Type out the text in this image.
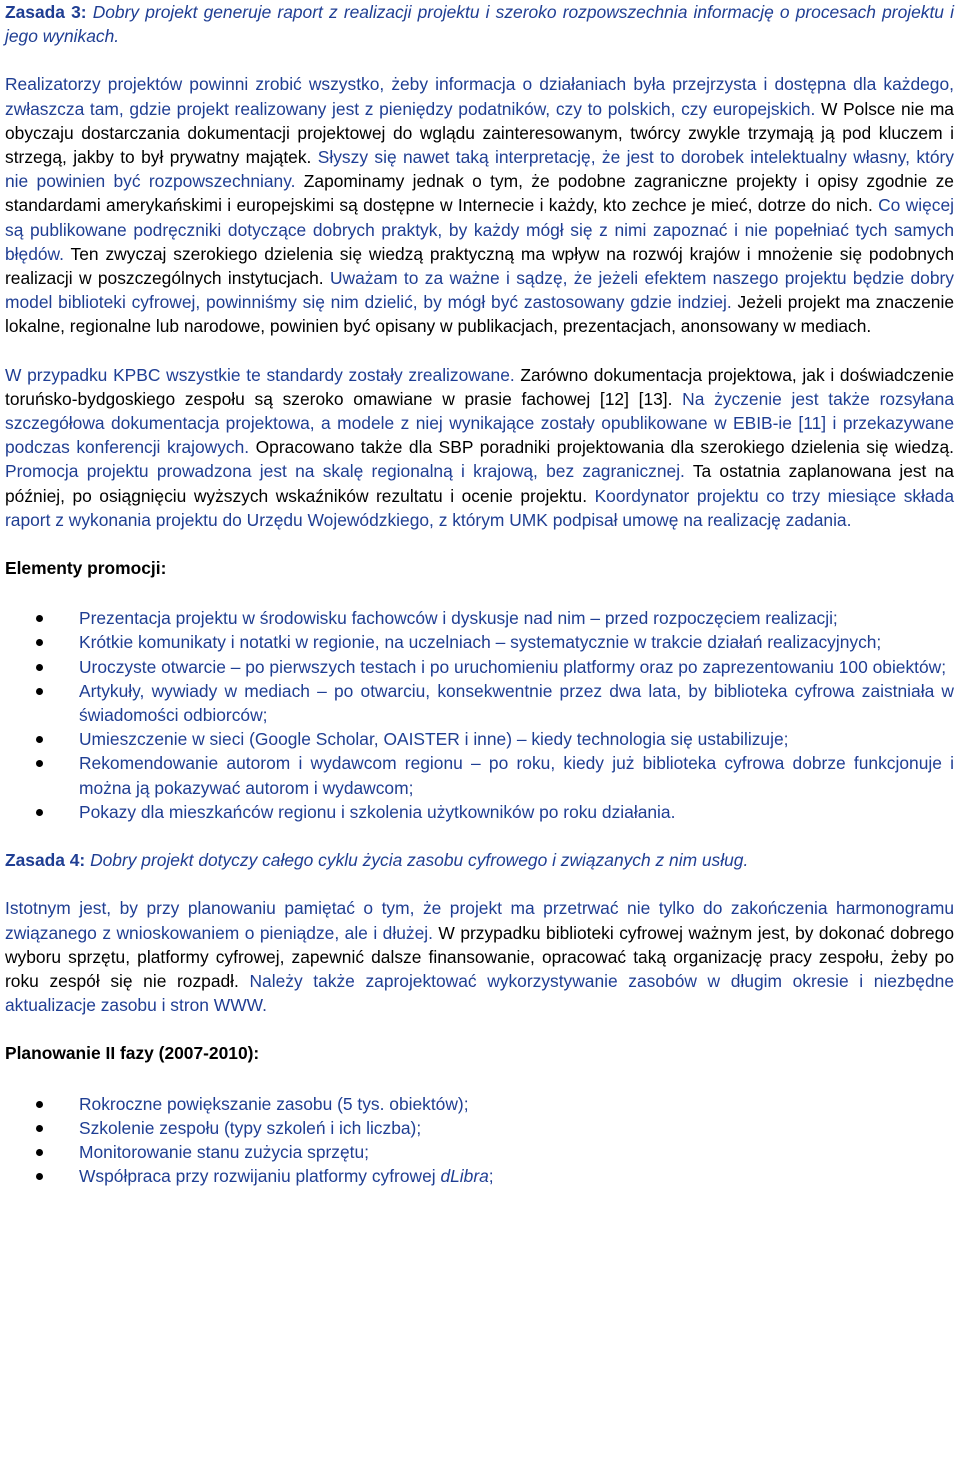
Zasada 3: Dobry projekt generuje raport z realizacji projektu i szeroko rozpowszechnia informację o procesach projektu i jego wynikach.

Realizatorzy projektów powinni zrobić wszystko, żeby informacja o działaniach była przejrzysta i dostępna dla każdego, zwłaszcza tam, gdzie projekt realizowany jest z pieniędzy podatników, czy to polskich, czy europejskich. W Polsce nie ma obyczaju dostarczania dokumentacji projektowej do wglądu zainteresowanym, twórcy zwykle trzymają ją pod kluczem i strzegą, jakby to był prywatny majątek. Słyszy się nawet taką interpretację, że jest to dorobek intelektualny własny, który nie powinien być rozpowszechniany. Zapominamy jednak o tym, że podobne zagraniczne projekty i opisy zgodnie ze standardami amerykańskimi i europejskimi są dostępne w Internecie i każdy, kto zechce je mieć, dotrze do nich. Co więcej są publikowane podręczniki dotyczące dobrych praktyk, by każdy mógł się z nimi zapoznać i nie popełniać tych samych błędów. Ten zwyczaj szerokiego dzielenia się wiedzą praktyczną ma wpływ na rozwój krajów i mnożenie się podobnych realizacji w poszczególnych instytucjach. Uważam to za ważne i sądzę, że jeżeli efektem naszego projektu będzie dobry model biblioteki cyfrowej, powinniśmy się nim dzielić, by mógł być zastosowany gdzie indziej. Jeżeli projekt ma znaczenie lokalne, regionalne lub narodowe, powinien być opisany w publikacjach, prezentacjach, anonsowany w mediach.

W przypadku KPBC wszystkie te standardy zostały zrealizowane. Zarówno dokumentacja projektowa, jak i doświadczenie toruńsko-bydgoskiego zespołu są szeroko omawiane w prasie fachowej [12] [13]. Na życzenie jest także rozsyłana szczegółowa dokumentacja projektowa, a modele z niej wynikające zostały opublikowane w EBIB-ie [11] i przekazywane podczas konferencji krajowych. Opracowano także dla SBP poradniki projektowania dla szerokiego dzielenia się wiedzą. Promocja projektu prowadzona jest na skalę regionalną i krajową, bez zagranicznej. Ta ostatnia zaplanowana jest na później, po osiągnięciu wyższych wskaźników rezultatu i ocenie projektu. Koordynator projektu co trzy miesiące składa raport z wykonania projektu do Urzędu Wojewódzkiego, z którym UMK podpisał umowę na realizację zadania.

Elementy promocji:

Prezentacja projektu w środowisku fachowców i dyskusje nad nim – przed rozpoczęciem realizacji;
Krótkie komunikaty i notatki w regionie, na uczelniach – systematycznie w trakcie działań realizacyjnych;
Uroczyste otwarcie – po pierwszych testach i po uruchomieniu platformy oraz po zaprezentowaniu 100 obiektów;
Artykuły, wywiady w mediach – po otwarciu, konsekwentnie przez dwa lata, by biblioteka cyfrowa zaistniała w świadomości odbiorców;
Umieszczenie w sieci (Google Scholar, OAISTER i inne) – kiedy technologia się ustabilizuje;
Rekomendowanie autorom i wydawcom regionu – po roku, kiedy już biblioteka cyfrowa dobrze funkcjonuje i można ją pokazywać autorom i wydawcom;
Pokazy dla mieszkańców regionu i szkolenia użytkowników po roku działania.

Zasada 4: Dobry projekt dotyczy całego cyklu życia zasobu cyfrowego i związanych z nim usług.

Istotnym jest, by przy planowaniu pamiętać o tym, że projekt ma przetrwać nie tylko do zakończenia harmonogramu związanego z wnioskowaniem o pieniądze, ale i dłużej. W przypadku biblioteki cyfrowej ważnym jest, by dokonać dobrego wyboru sprzętu, platformy cyfrowej, zapewnić dalsze finansowanie, opracować taką organizację pracy zespołu, żeby po roku zespół się nie rozpadł. Należy także zaprojektować wykorzystywanie zasobów w długim okresie i niezbędne aktualizacje zasobu i stron WWW.

Planowanie II fazy (2007-2010):

Rokroczne powiększanie zasobu (5 tys. obiektów);
Szkolenie zespołu (typy szkoleń i ich liczba);
Monitorowanie stanu zużycia sprzętu;
Współpraca przy rozwijaniu platformy cyfrowej dLibra;
